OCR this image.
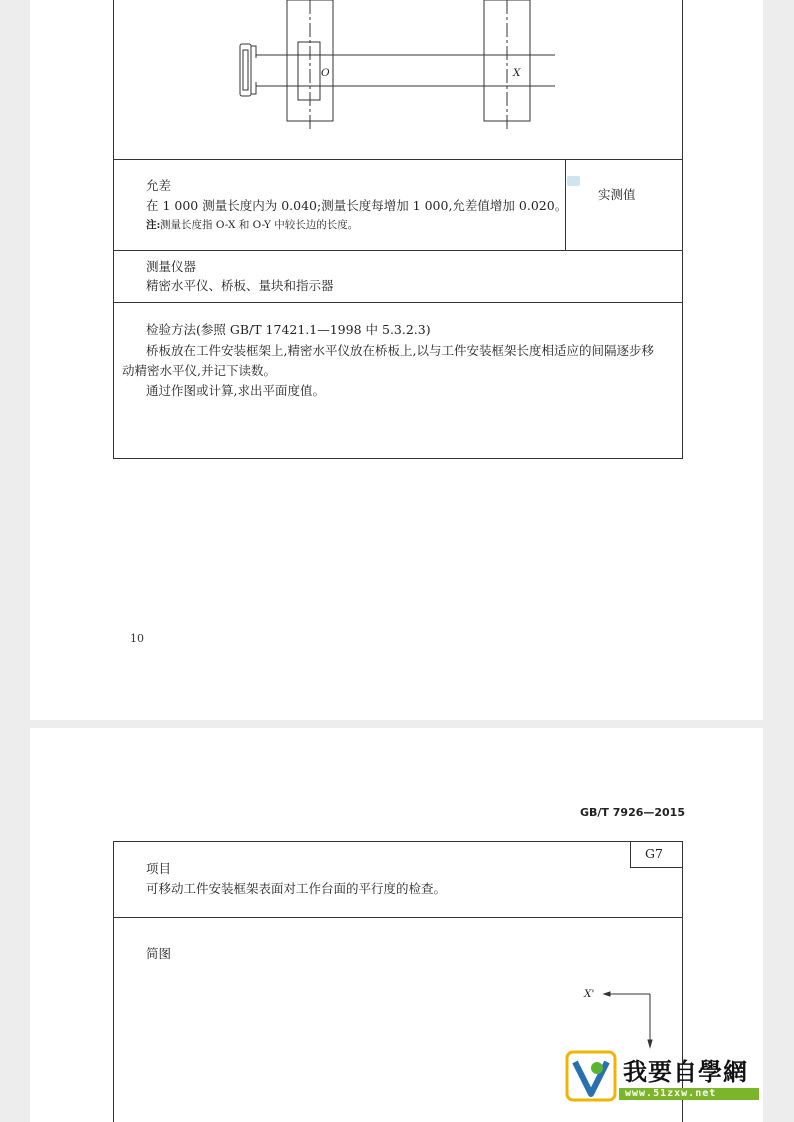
O	X
允差
在 1 000 测量长度内为 0.040;测量长度每增加 1 000,允差值增加 0.020。
注: 测量长度指 O-X 和 O-Y 中较长边的长度。
实测值
测量仪器
精密水平仪、桥板、量块和指示器
检验方法(参照 GB/T 17421.1—1998 中 5.3.2.3)
桥板放在工件安装框架上,精密水平仪放在桥板上,以与工件安装框架长度相适应的间隔逐步移
动精密水平仪,并记下读数。
通过作图或计算,求出平面度值。
10
GB/T 7926—2015
G7
项目
可移动工件安装框架表面对工作台面的平行度的检查。
简图
X'
我要自學網
www.51zxw.net
